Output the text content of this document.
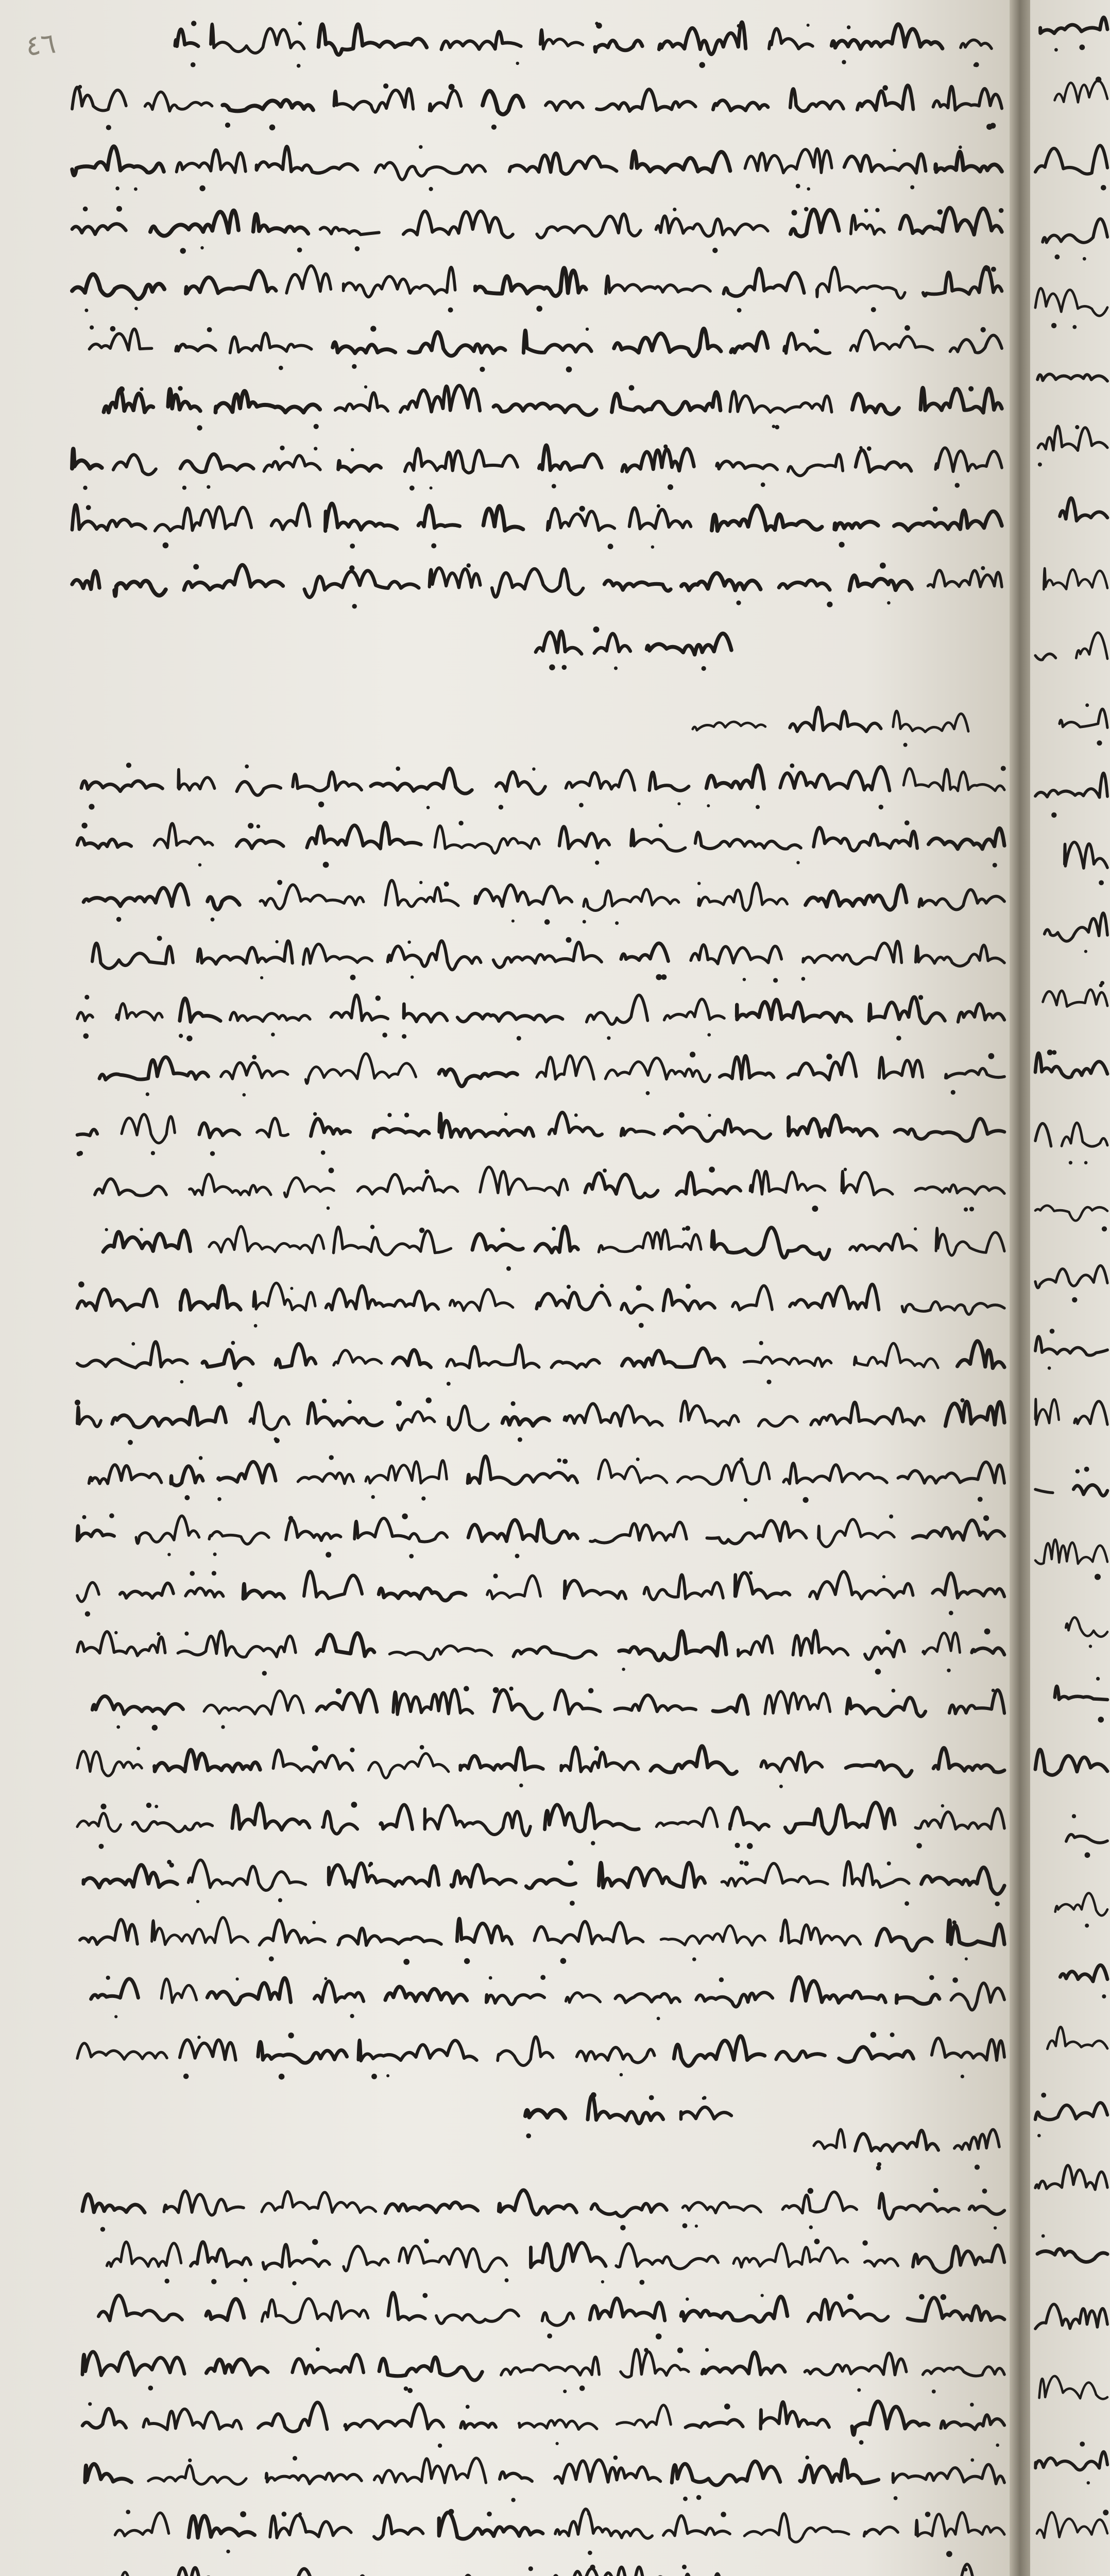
٤٦
